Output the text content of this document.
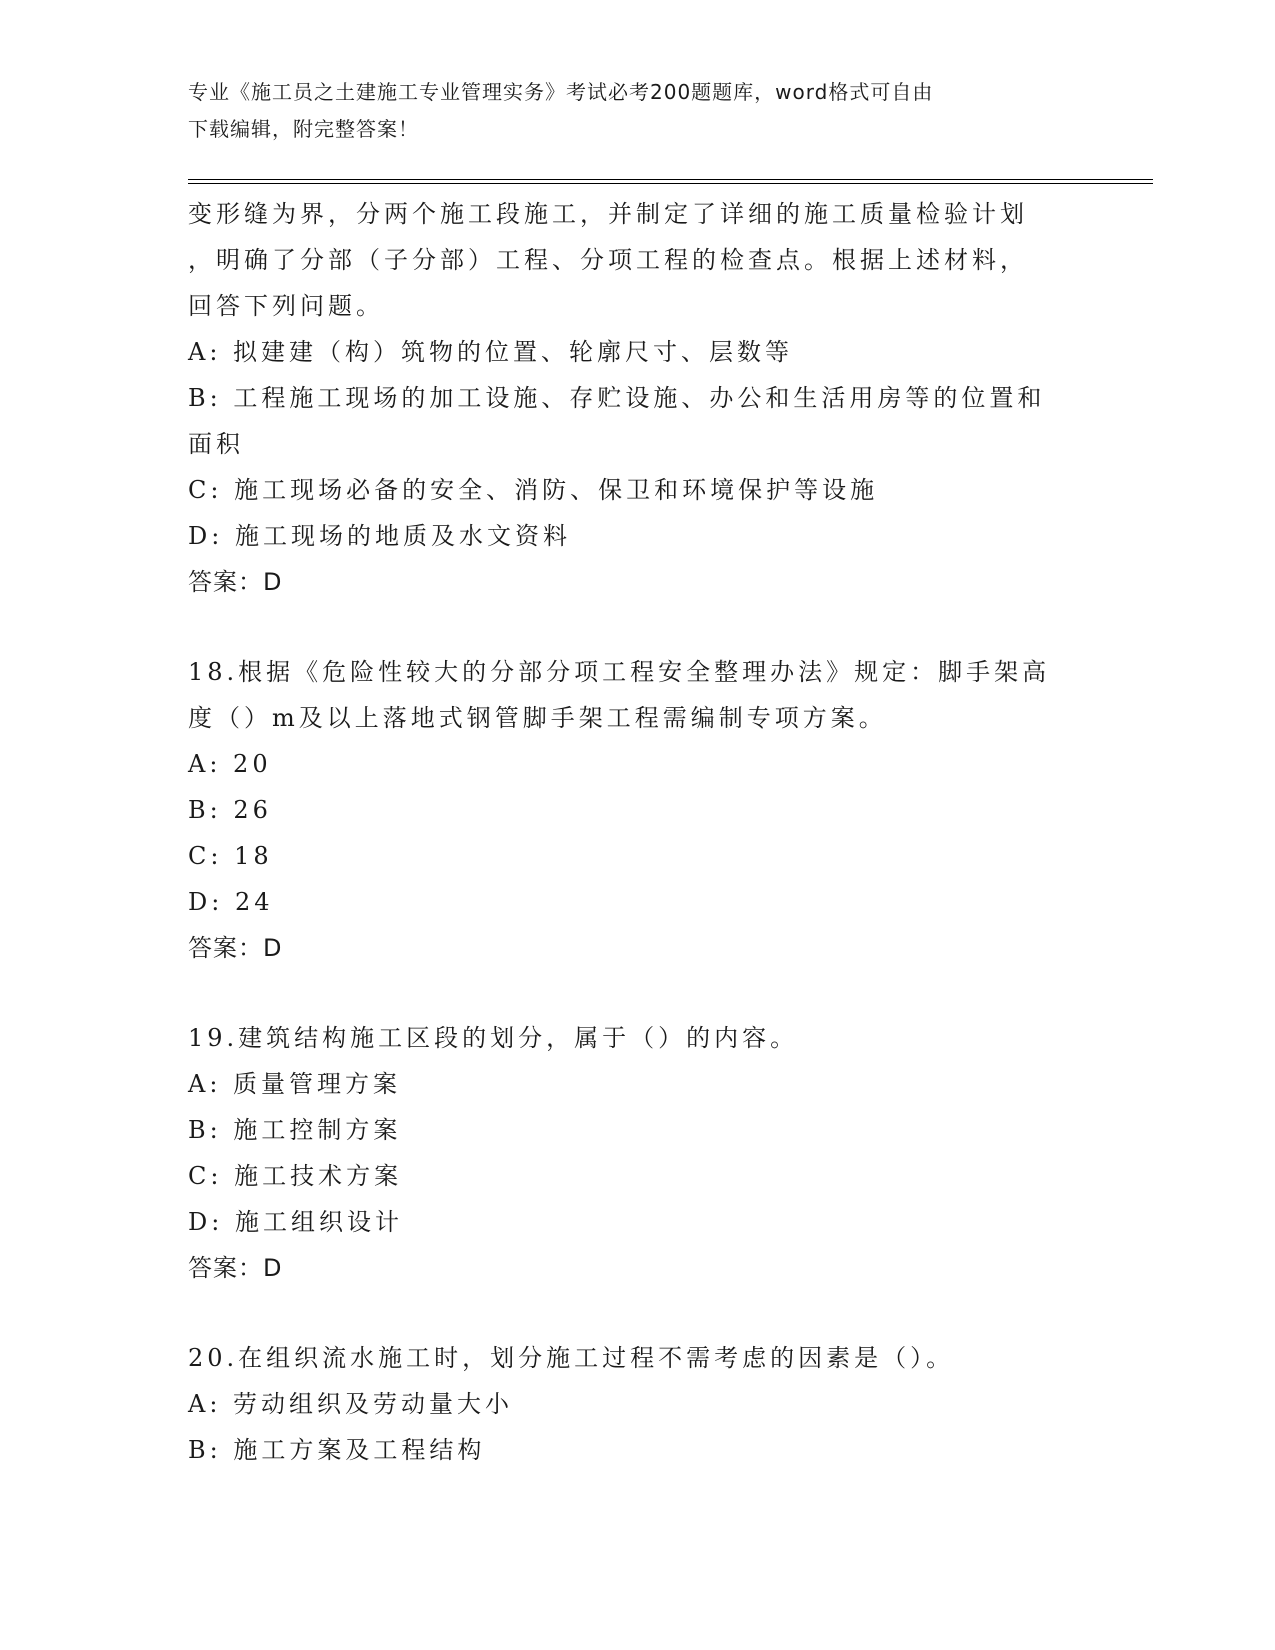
专业《施工员之土建施工专业管理实务》考试必考200题题库，word格式可自由
下载编辑，附完整答案！
变形缝为界，分两个施工段施工，并制定了详细的施工质量检验计划
，明确了分部（子分部）工程、分项工程的检查点。根据上述材料，
回答下列问题。
A: 拟建建（构）筑物的位置、轮廓尺寸、层数等
B: 工程施工现场的加工设施、存贮设施、办公和生活用房等的位置和
面积
C: 施工现场必备的安全、消防、保卫和环境保护等设施
D: 施工现场的地质及水文资料
答案：D
18.根据《危险性较大的分部分项工程安全整理办法》规定：脚手架高
度（）m及以上落地式钢管脚手架工程需编制专项方案。
A: 20
B: 26
C: 18
D: 24
答案：D
19.建筑结构施工区段的划分，属于（）的内容。
A: 质量管理方案
B: 施工控制方案
C: 施工技术方案
D: 施工组织设计
答案：D
20.在组织流水施工时，划分施工过程不需考虑的因素是（）。
A: 劳动组织及劳动量大小
B: 施工方案及工程结构
